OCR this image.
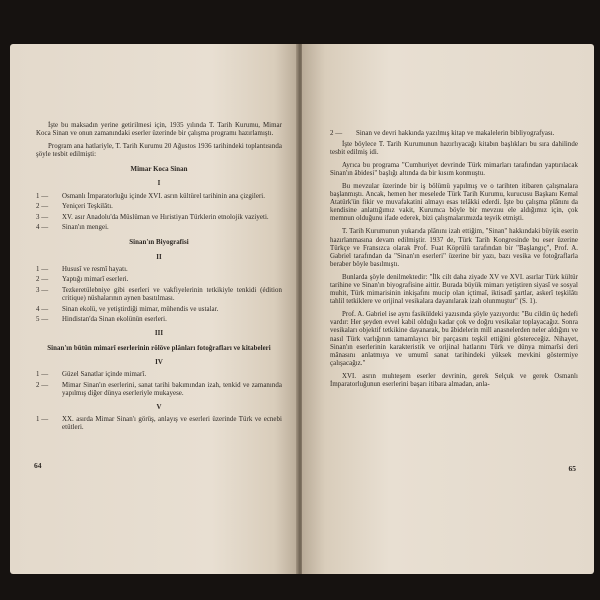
İşte bu maksadın yerine getirilmesi için, 1935 yılında T. Tarih Kurumu, Mimar Koca Sinan ve onun zamanındaki eserler üzerinde bir çalışma programı hazırlamıştı.

Program ana hatlariyle, T. Tarih Kurumu 20 Ağustos 1936 tarihindeki toplantısında şöyle tesbit edilmişti:

Mimar Koca Sinan
I
1 — Osmanlı İmparatorluğu içinde XVI. asrın kültürel tarihinin ana çizgileri.
2 — Yeniçeri Teşkilâtı.
3 — XV. asır Anadolu'da Müslüman ve Hıristiyan Türklerin etnolojik vaziyeti.
4 — Sinan'ın mengei.
Sinan'ın Biyografisi
II
1 — Hususî ve resmî hayatı.
2 — Yaptığı mimarî eserleri.
3 — Tezkeretülebniye gibi eserleri ve vakfiyelerinin tetkikiyle tenkidi (édition critique) nüshalarının aynen basıtılması.
4 — Sinan ekolü, ve yetiştirdiği mimar, mühendis ve ustalar.
5 — Hindistan'da Sinan ekolünün eserleri.
III
Sinan'ın bütün mimarî eserlerinin rölöve plânları fotoğrafları ve kitabeleri
IV
1 — Güzel Sanatlar içinde mimarî.
2 — Mimar Sinan'ın eserlerini, sanat tarihi bakımından izah, tenkid ve zamanında yapılmış diğer dünya eserleriyle mukayese.
V
1 — XX. asırda Mimar Sinan'ı görüş, anlayış ve eserleri üzerinde Türk ve ecnebi etütleri.
64
2 — Sinan ve devri hakkında yazılmış kitap ve makalelerin bibliyografyası.

İşte böylece T. Tarih Kurumunun hazırlıyacağı kitabın başlıkları bu sıra dahilinde tesbit edilmiş idi.

Ayrıca bu programa "Cumhuriyet devrinde Türk mimarları tarafından yaptırılacak Sinan'ın âbidesi" başlığı altında da bir kısım konmuştu.

Bu mevzular üzerinde bir iş bölümü yapılmış ve o tarihten itibaren çalışmalara başlanmıştı. Ancak, hemen her meselede Türk Tarih Kurumu, kurucusu Başkanı Kemal Atatürk'ün fikir ve muvafakatini almayı esas telâkki ederdi. İşte bu çalışma plânını da kendisine anlattığımız vakit, Kurumca böyle bir mevzuu ele aldığımız için, çok memnun olduğunu ifade ederek, bizi çalışmalarımızda teşvik etmişti.

T. Tarih Kurumunun yukarıda plânını izah ettiğim, "Sinan" hakkındaki büyük eserin hazırlanmasına devam edilmiştir. 1937 de, Türk Tarih Kongresinde bu eser üzerine Türkçe ve Fransızca olarak Prof. Fuat Köprülü tarafından bir "Başlangıç", Prof. A. Gabriel tarafından da "Sinan'ın eserleri" üzerine bir yazı, bazı vesika ve fotoğraflarla beraber böyle basılmıştı.

Bunlarda şöyle denilmektedir: "İlk cilt daha ziyade XV ve XVI. asırlar Türk kültür tarihine ve Sinan'ın biyografisine aittir. Burada büyük mimarı yetiştiren siyasî ve sosyal muhit, Türk mimarisinin inkişafını mucip olan içtimaî, iktisadî şartlar, askerî teşkilâtı tahlil tetkiklere ve orijinal vesikalara dayanılarak izah olunmuştur" (S. 1).

Prof. A. Gabriel ise aynı fasiküldeki yazısında şöyle yazıyordu: "Bu cildin üç hedefi vardır: Her şeyden evvel kabil olduğu kadar çok ve doğru vesikalar toplayacağız. Sonra vesikaları objektif tetkikine dayanarak, bu âbidelerin mill anasnelerden neler aldığını ve nasıl Türk varlığının tamamlayıcı bir parçasını teşkil ettiğini göstereceğiz. Nihayet, Sinan'ın eserlerinin karakteristik ve orijinal hatlarını Türk ve dünya mimarîsi deri mânasını anlatmıya ve umumî sanat tarihindeki yüksek mevkini göstermiye çalışacağız."

XVI. asrın muhteşem eserler devrinin, gerek Selçuk ve gerek Osmanlı İmparatorluğunun eserlerini başarı itibara almadan, anla-

65
